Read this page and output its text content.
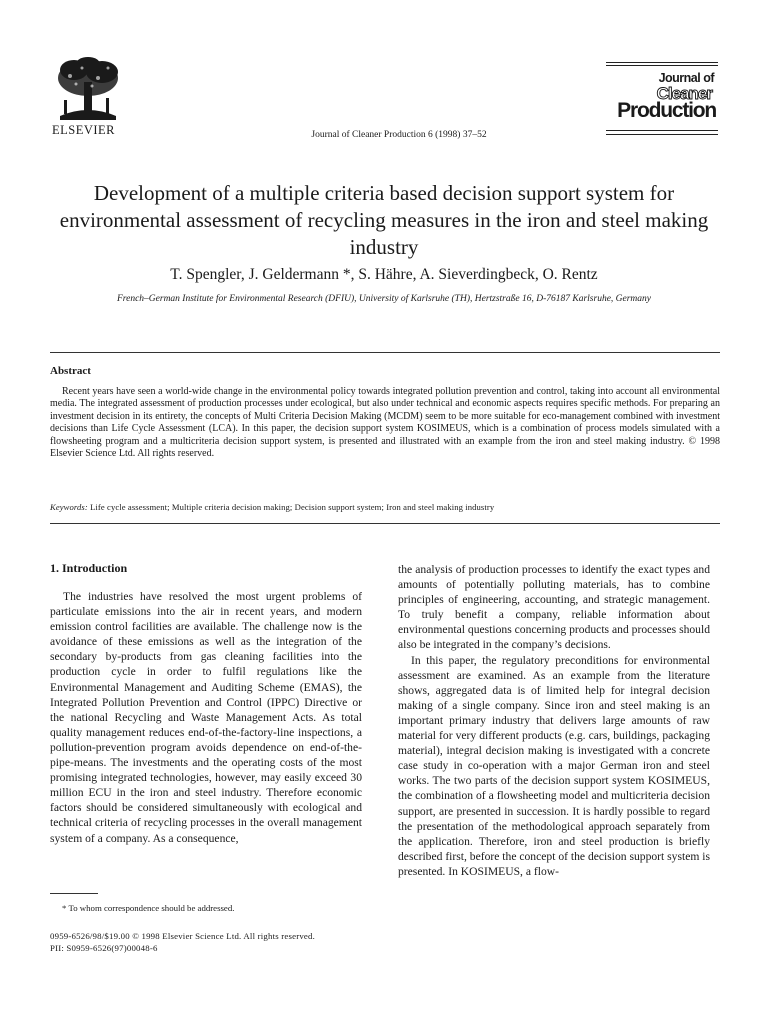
ELSEVIER	Journal of Cleaner Production 6 (1998) 37–52
Journal of
Cleaner
Production
Development of a multiple criteria based decision support system for environmental assessment of recycling measures in the iron and steel making industry
T. Spengler, J. Geldermann *, S. Hähre, A. Sieverdingbeck, O. Rentz
French–German Institute for Environmental Research (DFIU), University of Karlsruhe (TH), Hertzstraße 16, D-76187 Karlsruhe, Germany
Abstract
Recent years have seen a world-wide change in the environmental policy towards integrated pollution prevention and control, taking into account all environmental media. The integrated assessment of production processes under ecological, but also under technical and economic aspects requires specific methods. For preparing an investment decision in its entirety, the concepts of Multi Criteria Decision Making (MCDM) seem to be more suitable for eco-management combined with investment decisions than Life Cycle Assessment (LCA). In this paper, the decision support system KOSIMEUS, which is a combination of process models simulated with a flowsheeting program and a multicriteria decision support system, is presented and illustrated with an example from the iron and steel making industry. © 1998 Elsevier Science Ltd. All rights reserved.
Keywords: Life cycle assessment; Multiple criteria decision making; Decision support system; Iron and steel making industry
1. Introduction

The industries have resolved the most urgent problems of particulate emissions into the air in recent years, and modern emission control facilities are available. The challenge now is the avoidance of these emissions as well as the integration of the secondary by-products from gas cleaning facilities into the production cycle in order to fulfil regulations like the Environmental Management and Auditing Scheme (EMAS), the Integrated Pollution Prevention and Control (IPPC) Directive or the national Recycling and Waste Management Acts. As total quality management reduces end-of-the-factory-line inspections, a pollution-prevention program avoids dependence on end-of-the-pipe-means. The investments and the operating costs of the most promising integrated technologies, however, may easily exceed 30 million ECU in the iron and steel industry. Therefore economic factors should be considered simultaneously with ecological and technical criteria of recycling processes in the overall management system of a company. As a consequence,

the analysis of production processes to identify the exact types and amounts of potentially polluting materials, has to combine principles of engineering, accounting, and strategic management. To truly benefit a company, reliable information about environmental questions concerning products and processes should also be integrated in the company’s decisions.

In this paper, the regulatory preconditions for environmental assessment are examined. As an example from the literature shows, aggregated data is of limited help for integral decision making of a single company. Since iron and steel making is an important primary industry that delivers large amounts of raw material for very different products (e.g. cars, buildings, packaging material), integral decision making is investigated with a concrete case study in co-operation with a major German iron and steel works. The two parts of the decision support system KOSIMEUS, the combination of a flowsheeting model and multicriteria decision support, are presented in succession. It is hardly possible to regard the presentation of the methodological approach separately from the application. Therefore, iron and steel production is briefly described first, before the concept of the decision support system is presented. In KOSIMEUS, a flow-

* To whom correspondence should be addressed.
0959-6526/98/$19.00 © 1998 Elsevier Science Ltd. All rights reserved.
PII: S0959-6526(97)00048-6
